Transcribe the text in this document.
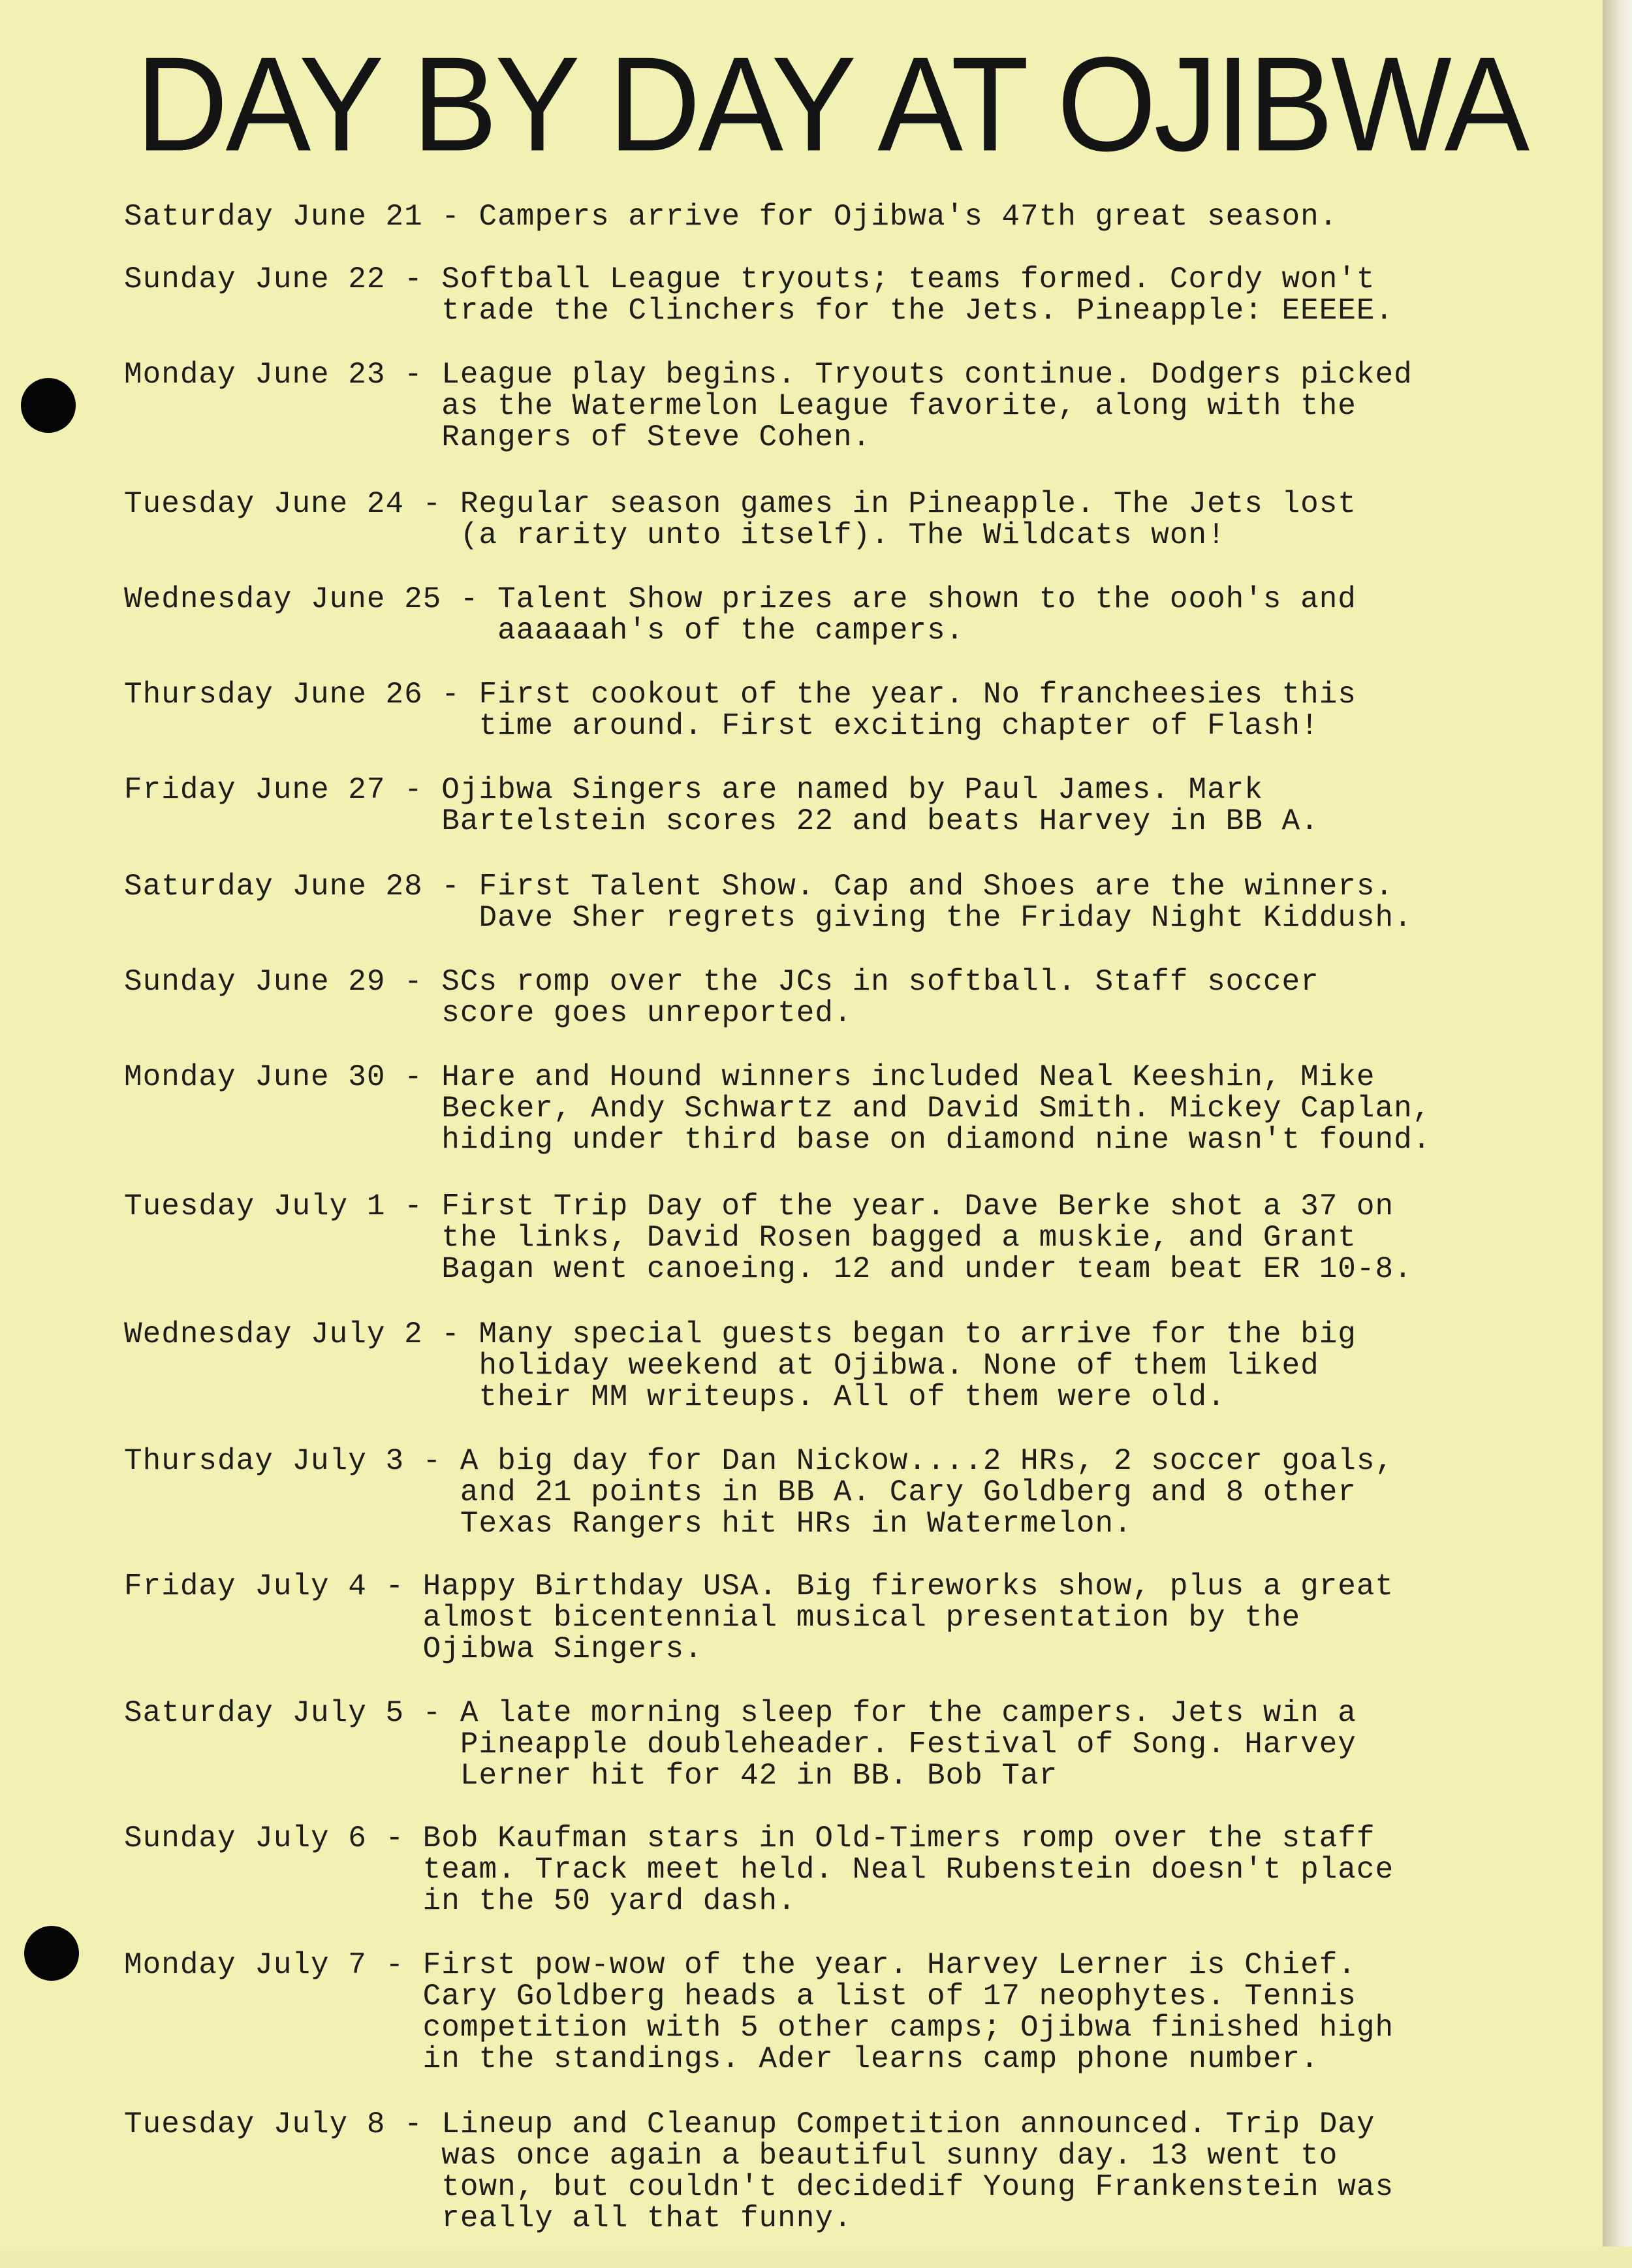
DAY BY DAY AT OJIBWA
Saturday June 21 - Campers arrive for Ojibwa's 47th great season.
Sunday June 22 - Softball League tryouts; teams formed. Cordy won't
trade the Clinchers for the Jets. Pineapple: EEEEE.
Monday June 23 - League play begins. Tryouts continue. Dodgers picked
as the Watermelon League favorite, along with the
Rangers of Steve Cohen.
Tuesday June 24 - Regular season games in Pineapple. The Jets lost
(a rarity unto itself). The Wildcats won!
Wednesday June 25 - Talent Show prizes are shown to the oooh's and
aaaaaah's of the campers.
Thursday June 26 - First cookout of the year. No francheesies this
time around. First exciting chapter of Flash!
Friday June 27 - Ojibwa Singers are named by Paul James. Mark
Bartelstein scores 22 and beats Harvey in BB A.
Saturday June 28 - First Talent Show. Cap and Shoes are the winners.
Dave Sher regrets giving the Friday Night Kiddush.
Sunday June 29 - SCs romp over the JCs in softball. Staff soccer
score goes unreported.
Monday June 30 - Hare and Hound winners included Neal Keeshin, Mike
Becker, Andy Schwartz and David Smith. Mickey Caplan,
hiding under third base on diamond nine wasn't found.
Tuesday July 1 - First Trip Day of the year. Dave Berke shot a 37 on
the links, David Rosen bagged a muskie, and Grant
Bagan went canoeing. 12 and under team beat ER 10-8.
Wednesday July 2 - Many special guests began to arrive for the big
holiday weekend at Ojibwa. None of them liked
their MM writeups. All of them were old.
Thursday July 3 - A big day for Dan Nickow....2 HRs, 2 soccer goals,
and 21 points in BB A. Cary Goldberg and 8 other
Texas Rangers hit HRs in Watermelon.
Friday July 4 - Happy Birthday USA. Big fireworks show, plus a great
almost bicentennial musical presentation by the
Ojibwa Singers.
Saturday July 5 - A late morning sleep for the campers. Jets win a
Pineapple doubleheader. Festival of Song. Harvey
Lerner hit for 42 in BB. Bob Tar
Sunday July 6 - Bob Kaufman stars in Old-Timers romp over the staff
team. Track meet held. Neal Rubenstein doesn't place
in the 50 yard dash.
Monday July 7 - First pow-wow of the year. Harvey Lerner is Chief.
Cary Goldberg heads a list of 17 neophytes. Tennis
competition with 5 other camps; Ojibwa finished high
in the standings. Ader learns camp phone number.
Tuesday July 8 - Lineup and Cleanup Competition announced. Trip Day
was once again a beautiful sunny day. 13 went to
town, but couldn't decidedif Young Frankenstein was
really all that funny.
